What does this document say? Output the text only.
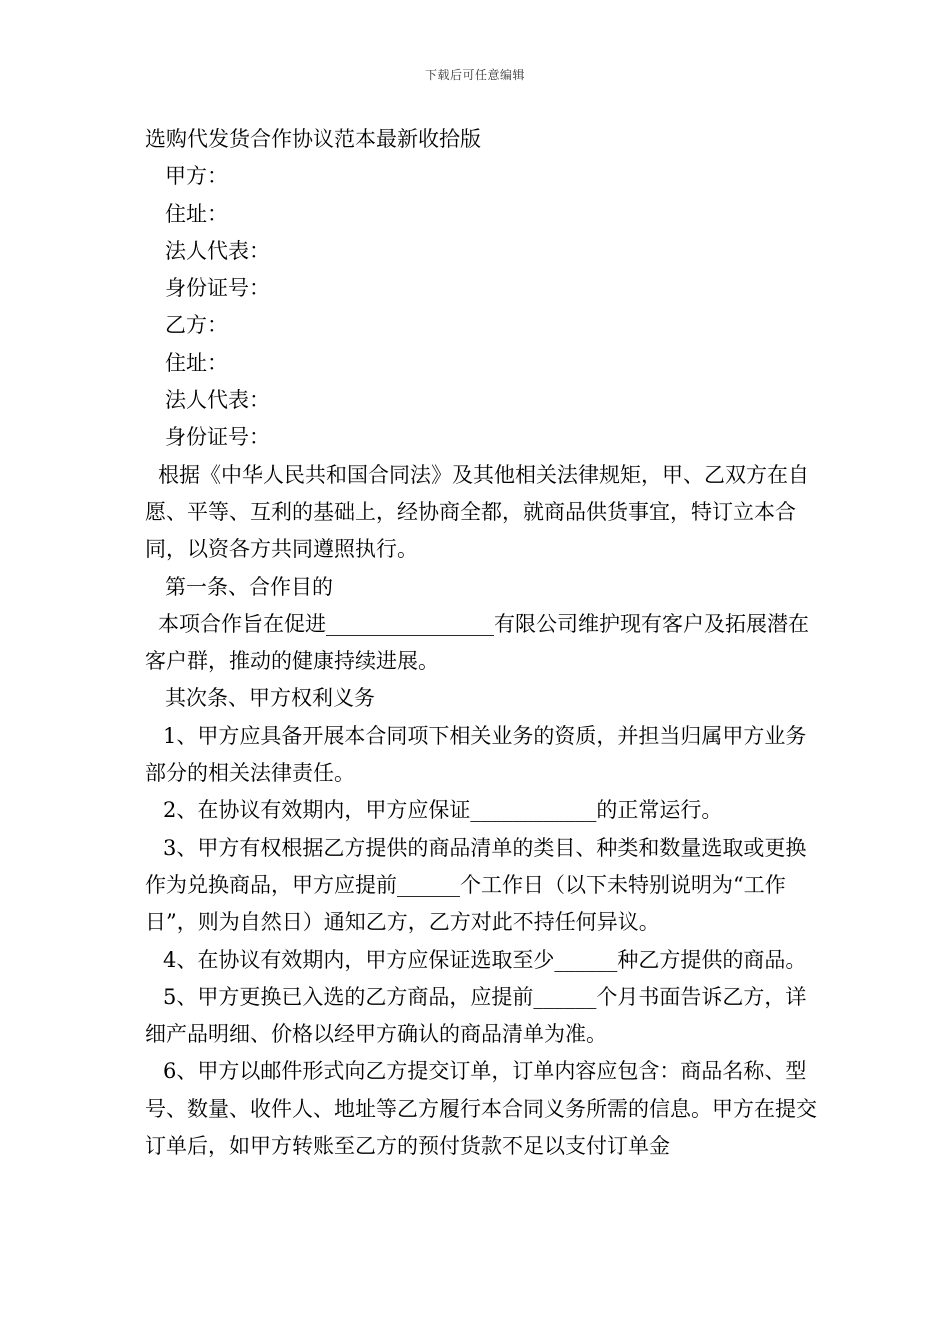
下载后可任意编辑

选购代发货合作协议范本最新收拾版

甲方：

住址：

法人代表：

身份证号：

乙方：

住址：

法人代表：

身份证号：

根据《中华人民共和国合同法》及其他相关法律规矩，甲、乙双方在自愿、平等、互利的基础上，经协商全都，就商品供货事宜，特订立本合同，以资各方共同遵照执行。

第一条、合作目的

本项合作旨在促进________________有限公司维护现有客户及拓展潜在客户群，推动的健康持续进展。

其次条、甲方权利义务

1、甲方应具备开展本合同项下相关业务的资质，并担当归属甲方业务部分的相关法律责任。

2、在协议有效期内，甲方应保证____________的正常运行。

3、甲方有权根据乙方提供的商品清单的类目、种类和数量选取或更换作为兑换商品，甲方应提前______个工作日（以下未特别说明为“工作日”，则为自然日）通知乙方，乙方对此不持任何异议。

4、在协议有效期内，甲方应保证选取至少______种乙方提供的商品。

5、甲方更换已入选的乙方商品，应提前______个月书面告诉乙方，详细产品明细、价格以经甲方确认的商品清单为准。

6、甲方以邮件形式向乙方提交订单，订单内容应包含：商品名称、型号、数量、收件人、地址等乙方履行本合同义务所需的信息。甲方在提交订单后，如甲方转账至乙方的预付货款不足以支付订单金
